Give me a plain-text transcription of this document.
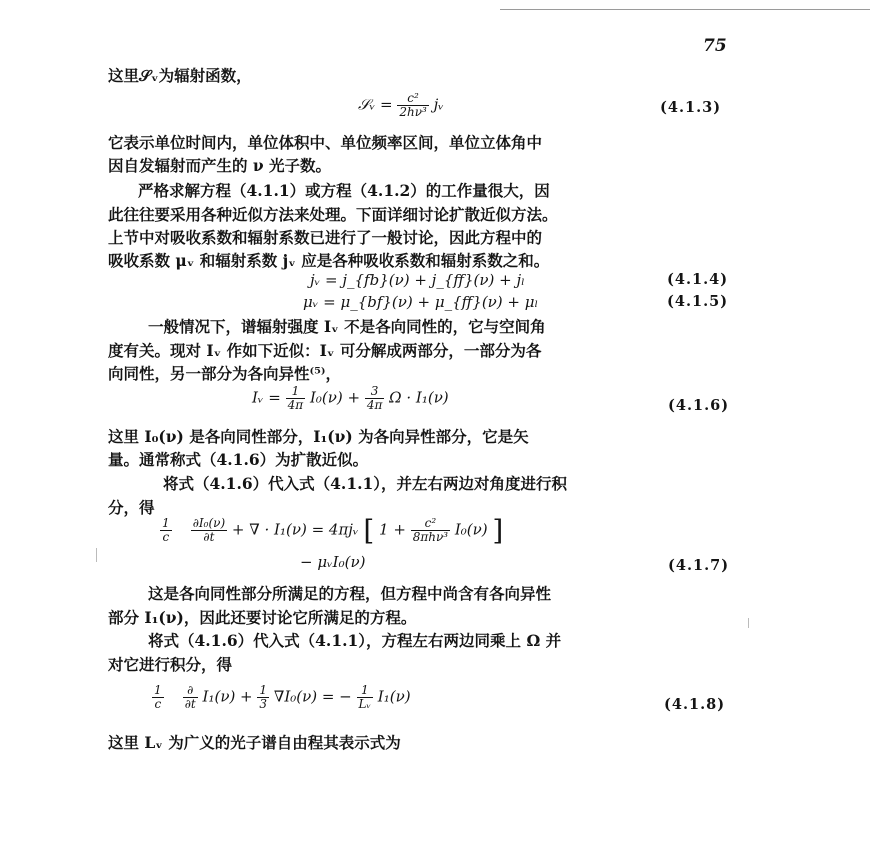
75

这里𝒮ᵥ为辐射函数，

𝒮ᵥ = $\frac{\text{c²}}{\text{2hν³}}$ jᵥ	(4.1.3)

它表示单位时间内，单位体积中、单位频率区间，单位立体角中

因自发辐射而产生的 ν 光子数。

严格求解方程（4.1.1）或方程（4.1.2）的工作量很大，因

此往往要采用各种近似方法来处理。下面详细讨论扩散近似方法。

上节中对吸收系数和辐射系数已进行了一般讨论，因此方程中的

吸收系数 μᵥ 和辐射系数 jᵥ 应是各种吸收系数和辐射系数之和。

jᵥ = j_{fb}(ν) + j_{ff}(ν) + jₗ	(4.1.4)
μᵥ = μ_{bf}(ν) + μ_{ff}(ν) + μₗ	(4.1.5)

一般情况下，谱辐射强度 Iᵥ 不是各向同性的，它与空间角

度有关。现对 Iᵥ 作如下近似：Iᵥ 可分解成两部分，一部分为各

向同性，另一部分为各向异性⁽⁵⁾，

Iᵥ = $\frac{1}{4\pi} I_0(\nu) + \frac{3}{4\pi}$ Ω · I₁(ν)	(4.1.6)

这里 I₀(ν) 是各向同性部分，I₁(ν) 为各向异性部分，它是矢

量。通常称式（4.1.6）为扩散近似。

将式（4.1.6）代入式（4.1.1），并左右两边对角度进行积

分，得

$\frac{1}{c}$
$\frac{\text{∂I₀(ν)}}{\partial t}$ + ∇ · I₁(ν) = 4πjᵥ [ $1 + \frac{\text{c²}}{\text{8πhν³}} I_0(\nu)$ ]
− μᵥI₀(ν)	(4.1.7)

这是各向同性部分所满足的方程，但方程中尚含有各向异性

部分 I₁(ν)，因此还要讨论它所满足的方程。

将式（4.1.6）代入式（4.1.1），方程左右两边同乘上 Ω 并

对它进行积分，得

$\frac{1}{c}$
$\frac{\partial}{\partial t} I_1(\nu) + \frac{1}{3} \nabla I_0(\nu)$ = − $\frac{1}{\text{Lᵥ}} I_1(\nu)$	(4.1.8)

这里 Lᵥ 为广义的光子谱自由程其表示式为
